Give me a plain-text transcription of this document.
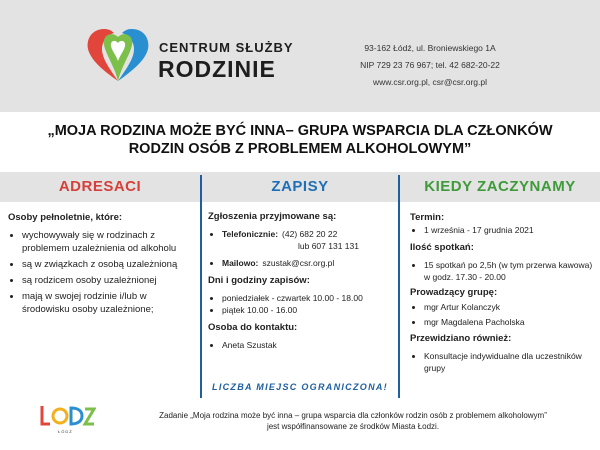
CENTRUM SŁUŻBY
RODZINIE
93-162 Łódź, ul. Broniewskiego 1A
NIP 729 23 76 967; tel. 42 682-20-22
www.csr.org.pl, csr@csr.org.pl
„MOJA RODZINA MOŻE BYĆ INNA– GRUPA WSPARCIA DLA CZŁONKÓW
RODZIN OSÓB Z PROBLEMEM ALKOHOLOWYM”
ADRESACI	ZAPISY	KIEDY ZACZYNAMY
Osoby pełnoletnie, które:
• wychowywały się w rodzinach z problemem uzależnienia od alkoholu
• są w związkach z osobą uzależnioną
• są rodzicem osoby uzależnionej
• mają w swojej rodzinie i/lub w środowisku osoby uzależnione;
Zgłoszenia przyjmowane są:
• Telefonicznie: (42) 682 20 22
lub 607 131 131
• Mailowo: szustak@csr.org.pl
Dni i godziny zapisów:
• poniedziałek - czwartek 10.00 - 18.00
• piątek 10.00 - 16.00
Osoba do kontaktu:
• Aneta Szustak
Termin:
• 1 września - 17 grudnia 2021
Ilość spotkań:
• 15 spotkań po 2,5h (w tym przerwa kawowa) w godz. 17.30 - 20.00
Prowadzący grupę:
• mgr Artur Kolanczyk
• mgr Magdalena Pacholska
Przewidziano również:
• Konsultacje indywidualne dla uczestników grupy
LICZBA MIEJSC OGRANICZONA!
ŁÓDŹ
Zadanie „Moja rodzina może być inna – grupa wsparcia dla członków rodzin osób z problemem alkoholowym”
jest współfinansowane ze środków Miasta Łodzi.
